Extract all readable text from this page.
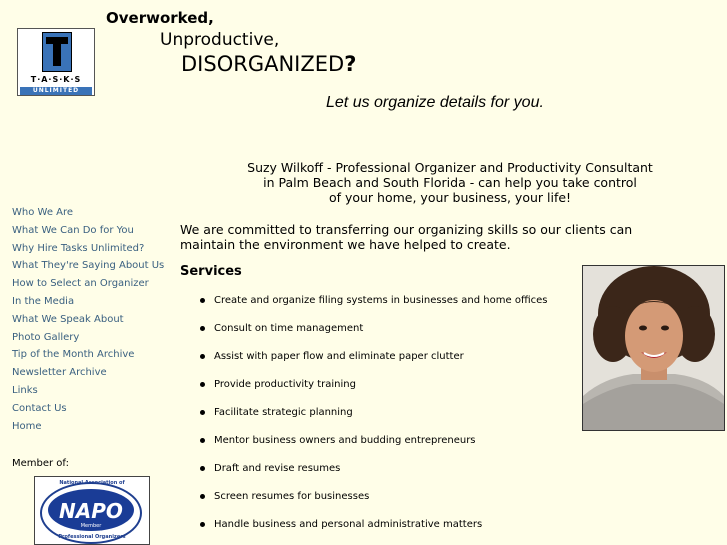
T·A·S·K·S
UNLIMITED
Overworked,
Unproductive,
DISORGANIZED?
Let us organize details for you.
Suzy Wilkoff - Professional Organizer and Productivity Consultant
in Palm Beach and South Florida - can help you take control
of your home, your business, your life!
Who We Are
What We Can Do for You
Why Hire Tasks Unlimited?
What They're Saying About Us
How to Select an Organizer
In the Media
What We Speak About
Photo Gallery
Tip of the Month Archive
Newsletter Archive
Links
Contact Us
Home
Member of:
National Association of
NAPO
Member
Professional Organizers
We are committed to transferring our organizing skills so our clients can maintain the environment we have helped to create.
Services
Create and organize filing systems in businesses and home offices
Consult on time management
Assist with paper flow and eliminate paper clutter
Provide productivity training
Facilitate strategic planning
Mentor business owners and budding entrepreneurs
Draft and revise resumes
Screen resumes for businesses
Handle business and personal administrative matters
